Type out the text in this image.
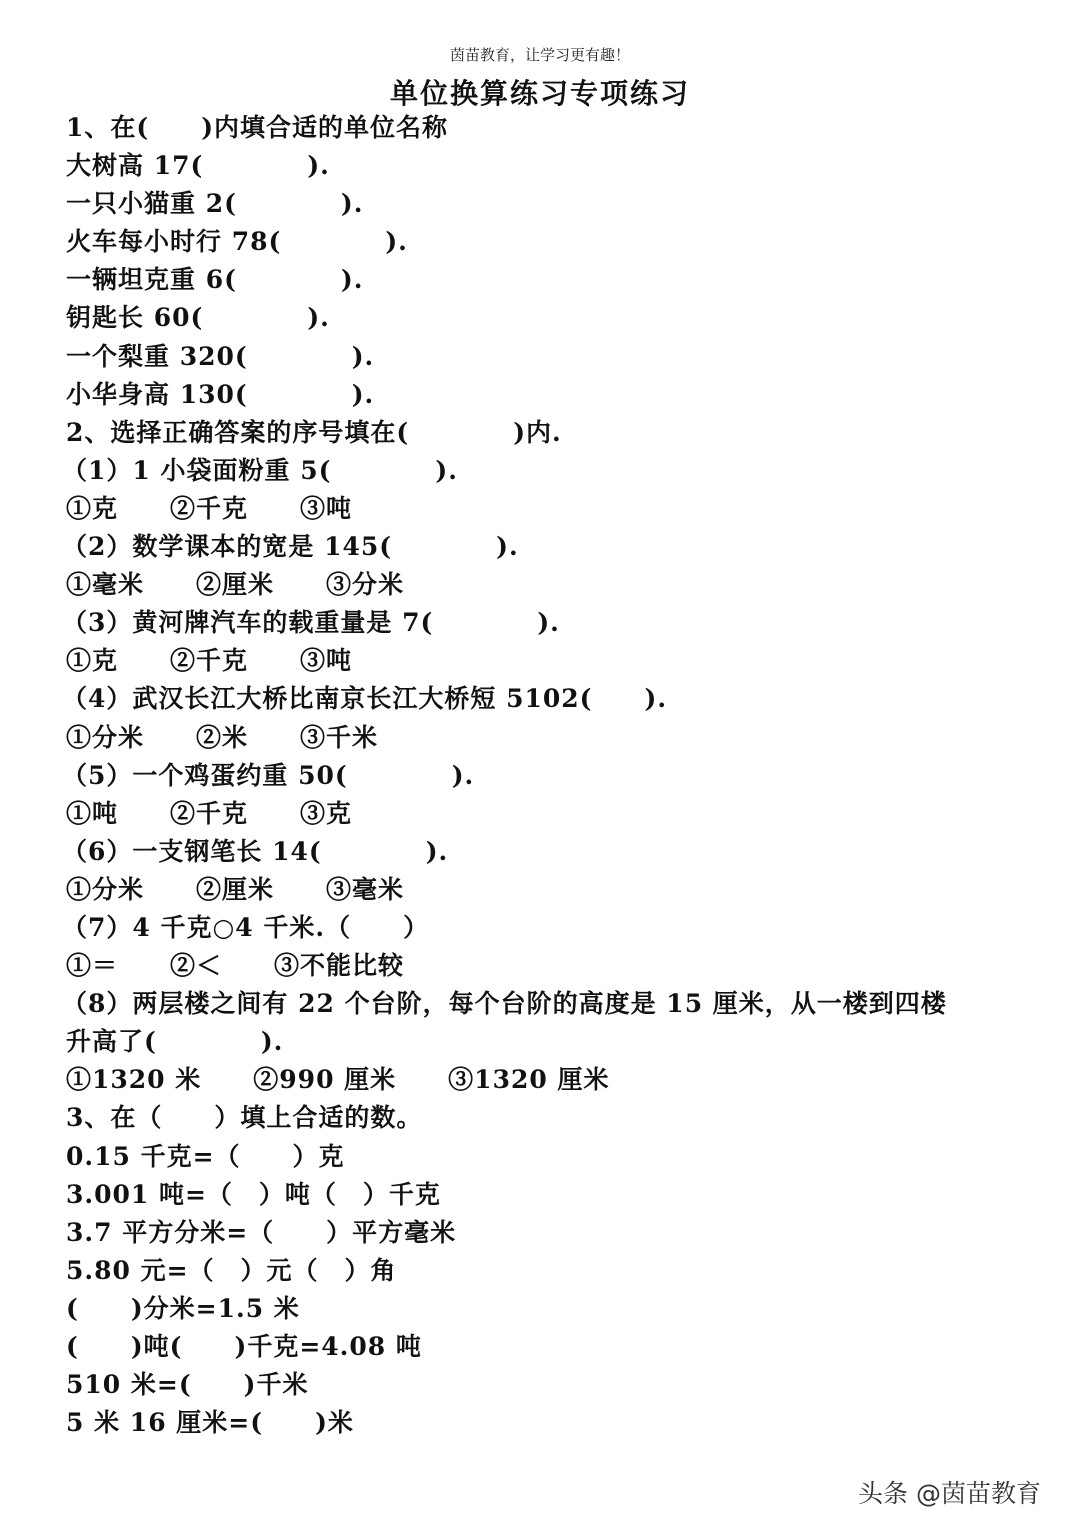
茵苗教育，让学习更有趣！
单位换算练习专项练习
1、在(　　)内填合适的单位名称
大树高 17(　　　　).
一只小猫重 2(　　　　).
火车每小时行 78(　　　　).
一辆坦克重 6(　　　　).
钥匙长 60(　　　　).
一个梨重 320(　　　　).
小华身高 130(　　　　).
2、选择正确答案的序号填在(　　　　)内.
（1）1 小袋面粉重 5(　　　　).
①克　　②千克　　③吨
（2）数学课本的宽是 145(　　　　).
①毫米　　②厘米　　③分米
（3）黄河牌汽车的载重量是 7(　　　　).
①克　　②千克　　③吨
（4）武汉长江大桥比南京长江大桥短 5102(　　).
①分米　　②米　　③千米
（5）一个鸡蛋约重 50(　　　　).
①吨　　②千克　　③克
（6）一支钢笔长 14(　　　　).
①分米　　②厘米　　③毫米
（7）4 千克○4 千米.（　　）
①＝　　②＜　　③不能比较
（8）两层楼之间有 22 个台阶，每个台阶的高度是 15 厘米，从一楼到四楼
升高了(　　　　).
①1320 米　　②990 厘米　　③1320 厘米
3、在（　　）填上合适的数。
0.15 千克=（　　）克
3.001 吨=（　）吨（　）千克
3.7 平方分米=（　　）平方毫米
5.80 元=（　）元（　）角
(　　)分米=1.5 米
(　　)吨(　　)千克=4.08 吨
510 米=(　　)千米
5 米 16 厘米=(　　)米
头条 @茵苗教育
